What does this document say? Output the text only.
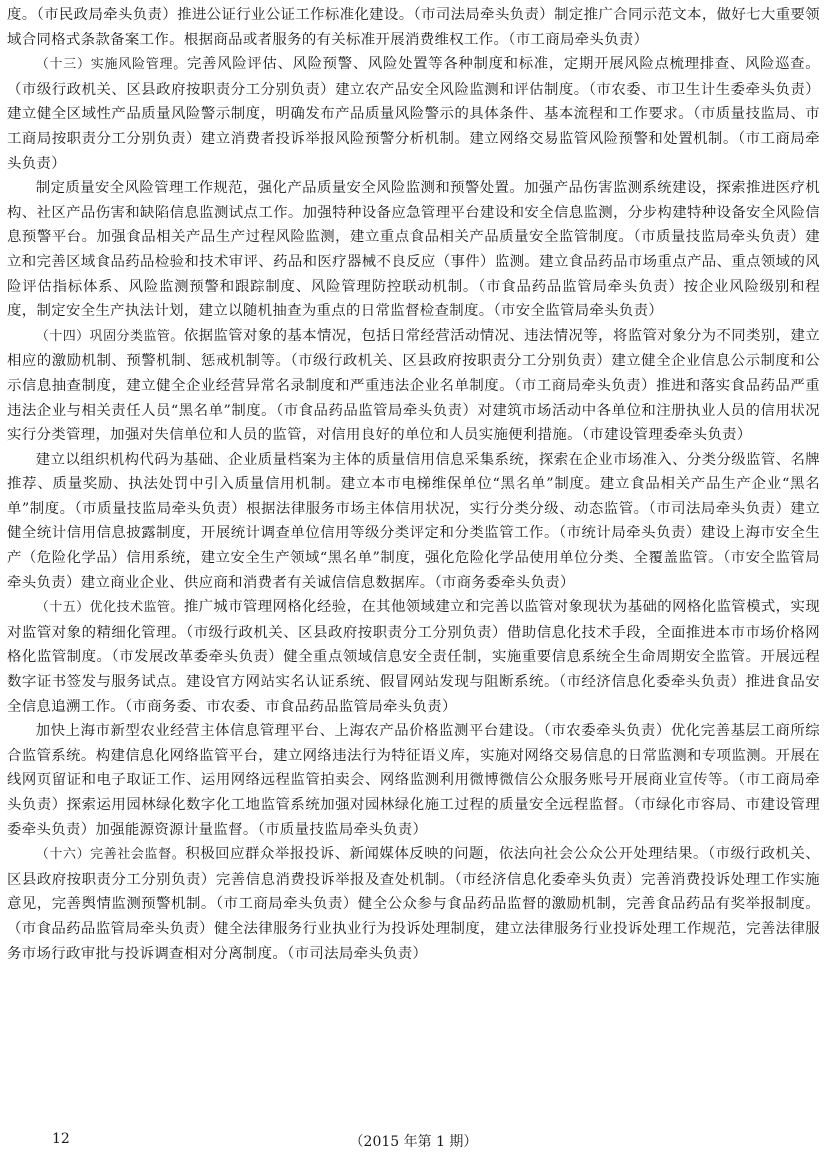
度。（市民政局牵头负责）推进公证行业公证工作标准化建设。（市司法局牵头负责）制定推广合同示范文本，做好七大重要领域合同格式条款备案工作。根据商品或者服务的有关标准开展消费维权工作。（市工商局牵头负责）

（十三）实施风险管理。完善风险评估、风险预警、风险处置等各种制度和标准，定期开展风险点梳理排查、风险巡查。（市级行政机关、区县政府按职责分工分别负责）建立农产品安全风险监测和评估制度。（市农委、市卫生计生委牵头负责）建立健全区域性产品质量风险警示制度，明确发布产品质量风险警示的具体条件、基本流程和工作要求。（市质量技监局、市工商局按职责分工分别负责）建立消费者投诉举报风险预警分析机制。建立网络交易监管风险预警和处置机制。（市工商局牵头负责）

制定质量安全风险管理工作规范，强化产品质量安全风险监测和预警处置。加强产品伤害监测系统建设，探索推进医疗机构、社区产品伤害和缺陷信息监测试点工作。加强特种设备应急管理平台建设和安全信息监测，分步构建特种设备安全风险信息预警平台。加强食品相关产品生产过程风险监测，建立重点食品相关产品质量安全监管制度。（市质量技监局牵头负责）建立和完善区域食品药品检验和技术审评、药品和医疗器械不良反应（事件）监测。建立食品药品市场重点产品、重点领域的风险评估指标体系、风险监测预警和跟踪制度、风险管理防控联动机制。（市食品药品监管局牵头负责）按企业风险级别和程度，制定安全生产执法计划，建立以随机抽查为重点的日常监督检查制度。（市安全监管局牵头负责）

（十四）巩固分类监管。依据监管对象的基本情况，包括日常经营活动情况、违法情况等，将监管对象分为不同类别，建立相应的激励机制、预警机制、惩戒机制等。（市级行政机关、区县政府按职责分工分别负责）建立健全企业信息公示制度和公示信息抽查制度，建立健全企业经营异常名录制度和严重违法企业名单制度。（市工商局牵头负责）推进和落实食品药品严重违法企业与相关责任人员“黑名单”制度。（市食品药品监管局牵头负责）对建筑市场活动中各单位和注册执业人员的信用状况实行分类管理，加强对失信单位和人员的监管，对信用良好的单位和人员实施便利措施。（市建设管理委牵头负责）

建立以组织机构代码为基础、企业质量档案为主体的质量信用信息采集系统，探索在企业市场准入、分类分级监管、名牌推荐、质量奖励、执法处罚中引入质量信用机制。建立本市电梯维保单位“黑名单”制度。建立食品相关产品生产企业“黑名单”制度。（市质量技监局牵头负责）根据法律服务市场主体信用状况，实行分类分级、动态监管。（市司法局牵头负责）建立健全统计信用信息披露制度，开展统计调查单位信用等级分类评定和分类监管工作。（市统计局牵头负责）建设上海市安全生产（危险化学品）信用系统，建立安全生产领域“黑名单”制度，强化危险化学品使用单位分类、全覆盖监管。（市安全监管局牵头负责）建立商业企业、供应商和消费者有关诚信信息数据库。（市商务委牵头负责）

（十五）优化技术监管。推广城市管理网格化经验，在其他领域建立和完善以监管对象现状为基础的网格化监管模式，实现对监管对象的精细化管理。（市级行政机关、区县政府按职责分工分别负责）借助信息化技术手段，全面推进本市市场价格网格化监管制度。（市发展改革委牵头负责）健全重点领域信息安全责任制，实施重要信息系统全生命周期安全监管。开展远程数字证书签发与服务试点。建设官方网站实名认证系统、假冒网站发现与阻断系统。（市经济信息化委牵头负责）推进食品安全信息追溯工作。（市商务委、市农委、市食品药品监管局牵头负责）

加快上海市新型农业经营主体信息管理平台、上海农产品价格监测平台建设。（市农委牵头负责）优化完善基层工商所综合监管系统。构建信息化网络监管平台，建立网络违法行为特征语义库，实施对网络交易信息的日常监测和专项监测。开展在线网页留证和电子取证工作、运用网络远程监管拍卖会、网络监测利用微博微信公众服务账号开展商业宣传等。（市工商局牵头负责）探索运用园林绿化数字化工地监管系统加强对园林绿化施工过程的质量安全远程监督。（市绿化市容局、市建设管理委牵头负责）加强能源资源计量监督。（市质量技监局牵头负责）

（十六）完善社会监督。积极回应群众举报投诉、新闻媒体反映的问题，依法向社会公众公开处理结果。（市级行政机关、区县政府按职责分工分别负责）完善信息消费投诉举报及查处机制。（市经济信息化委牵头负责）完善消费投诉处理工作实施意见，完善舆情监测预警机制。（市工商局牵头负责）健全公众参与食品药品监督的激励机制，完善食品药品有奖举报制度。（市食品药品监管局牵头负责）健全法律服务行业执业行为投诉处理制度，建立法律服务行业投诉处理工作规范，完善法律服务市场行政审批与投诉调查相对分离制度。（市司法局牵头负责）

12	（2015 年第 1 期）
